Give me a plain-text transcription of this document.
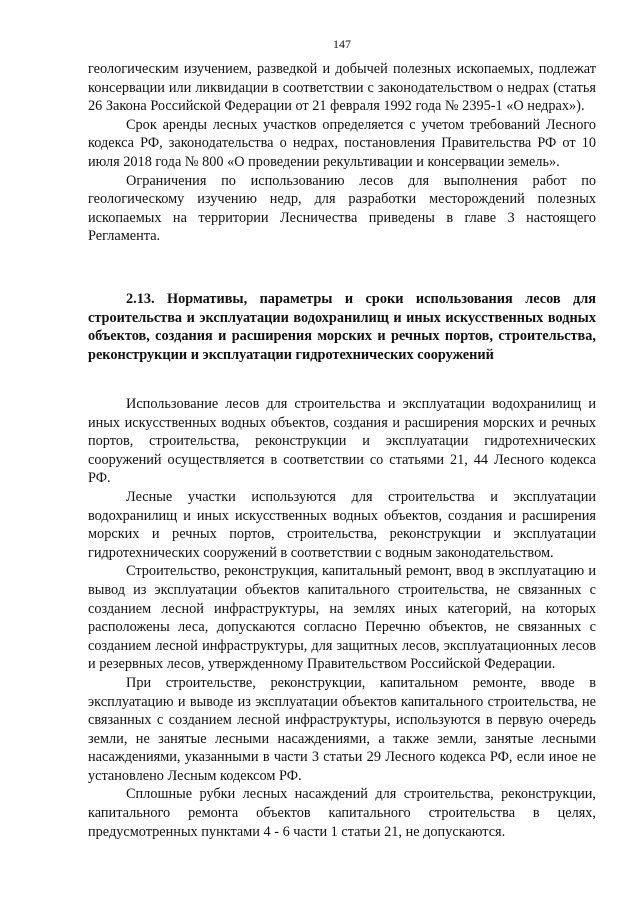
147

геологическим изучением, разведкой и добычей полезных ископаемых, подлежат консервации или ликвидации в соответствии с законодательством о недрах (статья 26 Закона Российской Федерации от 21 февраля 1992 года № 2395-1 «О недрах»).

Срок аренды лесных участков определяется с учетом требований Лесного кодекса РФ, законодательства о недрах, постановления Правительства РФ от 10 июля 2018 года № 800 «О проведении рекультивации и консервации земель».

Ограничения по использованию лесов для выполнения работ по геологическому изучению недр, для разработки месторождений полезных ископаемых на территории Лесничества приведены в главе 3 настоящего Регламента.

2.13. Нормативы, параметры и сроки использования лесов для строительства и эксплуатации водохранилищ и иных искусственных водных объектов, создания и расширения морских и речных портов, строительства, реконструкции и эксплуатации гидротехнических сооружений

Использование лесов для строительства и эксплуатации водохранилищ и иных искусственных водных объектов, создания и расширения морских и речных портов, строительства, реконструкции и эксплуатации гидротехнических сооружений осуществляется в соответствии со статьями 21, 44 Лесного кодекса РФ.

Лесные участки используются для строительства и эксплуатации водохранилищ и иных искусственных водных объектов, создания и расширения морских и речных портов, строительства, реконструкции и эксплуатации гидротехнических сооружений в соответствии с водным законодательством.

Строительство, реконструкция, капитальный ремонт, ввод в эксплуатацию и вывод из эксплуатации объектов капитального строительства, не связанных с созданием лесной инфраструктуры, на землях иных категорий, на которых расположены леса, допускаются согласно Перечню объектов, не связанных с созданием лесной инфраструктуры, для защитных лесов, эксплуатационных лесов и резервных лесов, утвержденному Правительством Российской Федерации.

При строительстве, реконструкции, капитальном ремонте, вводе в эксплуатацию и выводе из эксплуатации объектов капитального строительства, не связанных с созданием лесной инфраструктуры, используются в первую очередь земли, не занятые лесными насаждениями, а также земли, занятые лесными насаждениями, указанными в части 3 статьи 29 Лесного кодекса РФ, если иное не установлено Лесным кодексом РФ.

Сплошные рубки лесных насаждений для строительства, реконструкции, капитального ремонта объектов капитального строительства в целях, предусмотренных пунктами 4 - 6 части 1 статьи 21, не допускаются.
